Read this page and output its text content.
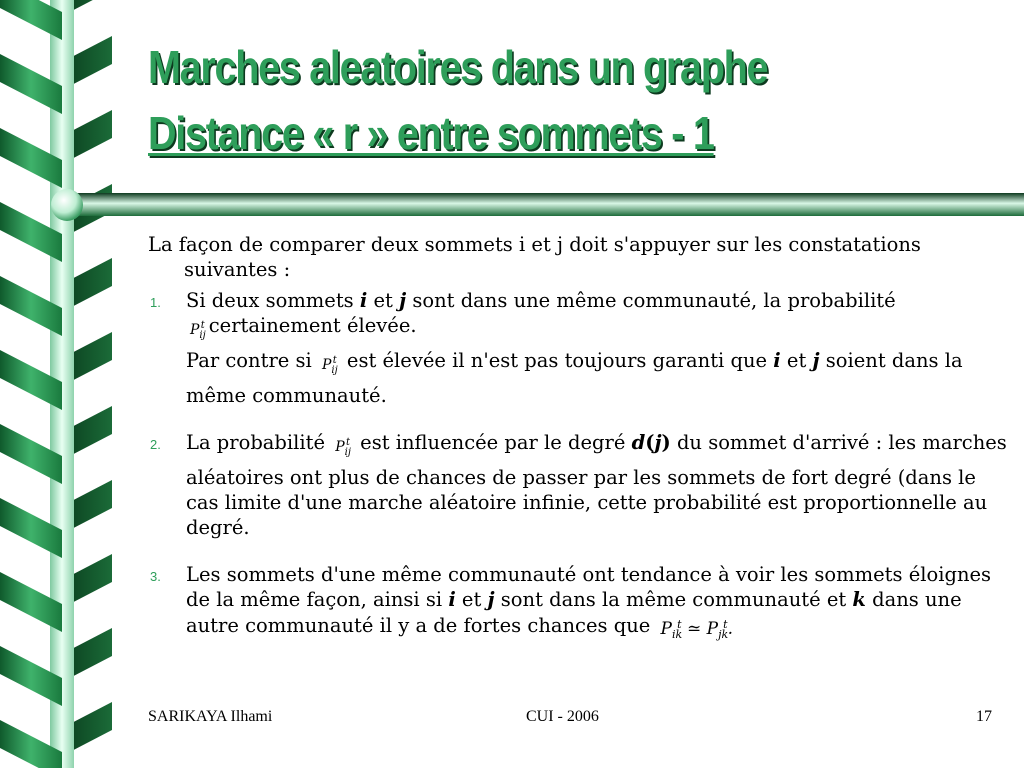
Marches aleatoires dans un graphe
Distance « r » entre sommets - 1

La façon de comparer deux sommets i et j doit s'appuyer sur les constatations suivantes :

1. Si deux sommets i et j sont dans une même communauté, la probabilité
$P_{ij}^t$ certainement élevée.
Par contre si $P_{ij}^t$ est élevée il n'est pas toujours garanti que i et j soient dans la même communauté.
2. La probabilité $P_{ij}^t$ est influencée par le degré d(j) du sommet d'arrivé : les marches aléatoires ont plus de chances de passer par les sommets de fort degré (dans le cas limite d'une marche aléatoire infinie, cette probabilité est proportionnelle au degré.
3. Les sommets d'une même communauté ont tendance à voir les sommets éloignes de la même façon, ainsi si i et j sont dans la même communauté et k dans une autre communauté il y a de fortes chances que $P_{ik}^t$ ≃ $P_{jk}^t$.
SARIKAYA Ilhami	CUI - 2006	17
